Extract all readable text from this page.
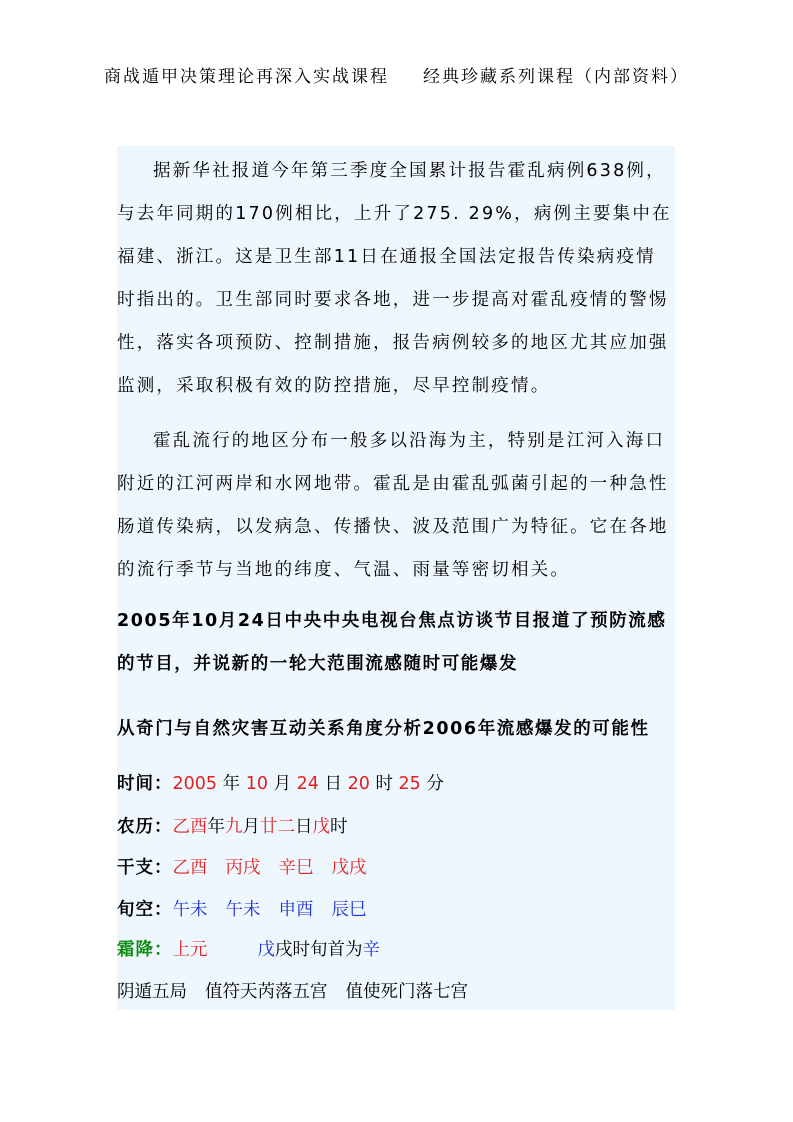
商战遁甲决策理论再深入实战课程 经典珍藏系列课程（内部资料）

据新华社报道今年第三季度全国累计报告霍乱病例638例，与去年同期的170例相比，上升了275. 29%，病例主要集中在福建、浙江。这是卫生部11日在通报全国法定报告传染病疫情时指出的。卫生部同时要求各地，进一步提高对霍乱疫情的警惕性，落实各项预防、控制措施，报告病例较多的地区尤其应加强监测，采取积极有效的防控措施，尽早控制疫情。

霍乱流行的地区分布一般多以沿海为主，特别是江河入海口附近的江河两岸和水网地带。霍乱是由霍乱弧菌引起的一种急性肠道传染病，以发病急、传播快、波及范围广为特征。它在各地的流行季节与当地的纬度、气温、雨量等密切相关。

2005年10月24日中央中央电视台焦点访谈节目报道了预防流感的节目，并说新的一轮大范围流感随时可能爆发

从奇门与自然灾害互动关系角度分析2006年流感爆发的可能性

时间：2005 年 10 月 24 日 20 时 25 分
农历：乙酉年九月廿二日戊时
干支：乙酉 丙戌 辛巳 戊戌
旬空：午未 午未 申酉 辰巳
霜降：上元	戊戌时旬首为辛
阴遁五局 值符天芮落五宫 值使死门落七宫
